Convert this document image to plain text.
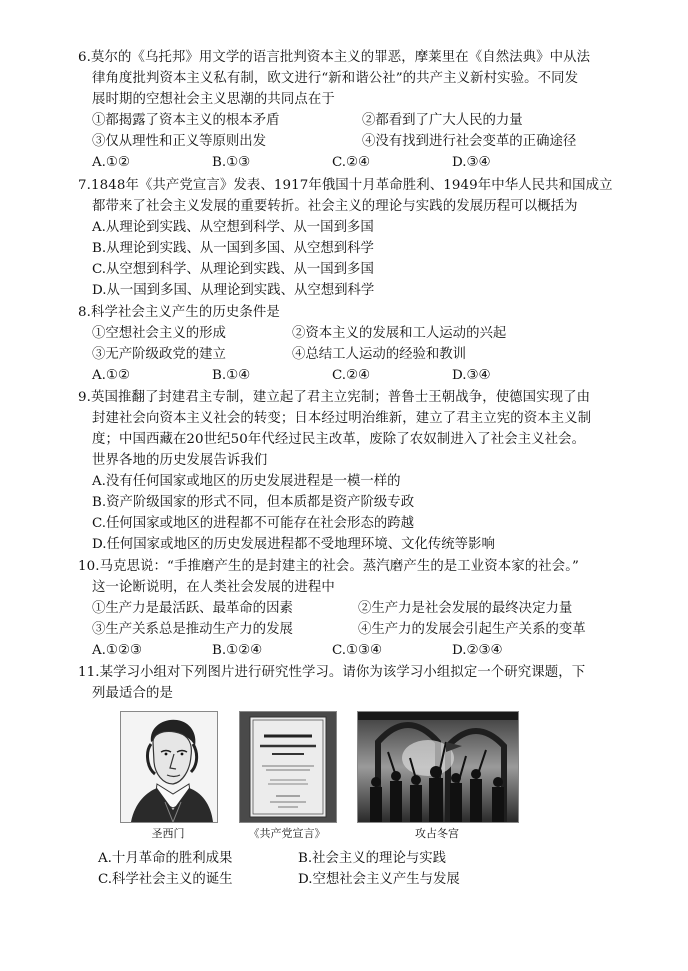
6.莫尔的《乌托邦》用文学的语言批判资本主义的罪恶，摩莱里在《自然法典》中从法
律角度批判资本主义私有制，欧文进行“新和谐公社”的共产主义新村实验。不同发
展时期的空想社会主义思潮的共同点在于
①都揭露了资本主义的根本矛盾	②都看到了广大人民的力量
③仅从理性和正义等原则出发	④没有找到进行社会变革的正确途径
A.①②	B.①③	C.②④	D.③④
7.1848年《共产党宣言》发表、1917年俄国十月革命胜利、1949年中华人民共和国成立
都带来了社会主义发展的重要转折。社会主义的理论与实践的发展历程可以概括为
A.从理论到实践、从空想到科学、从一国到多国
B.从理论到实践、从一国到多国、从空想到科学
C.从空想到科学、从理论到实践、从一国到多国
D.从一国到多国、从理论到实践、从空想到科学
8.科学社会主义产生的历史条件是
①空想社会主义的形成	②资本主义的发展和工人运动的兴起
③无产阶级政党的建立	④总结工人运动的经验和教训
A.①②	B.①④	C.②④	D.③④
9.英国推翻了封建君主专制，建立起了君主立宪制；普鲁士王朝战争，使德国实现了由
封建社会向资本主义社会的转变；日本经过明治维新，建立了君主立宪的资本主义制
度；中国西藏在20世纪50年代经过民主改革，废除了农奴制进入了社会主义社会。
世界各地的历史发展告诉我们
A.没有任何国家或地区的历史发展进程是一模一样的
B.资产阶级国家的形式不同，但本质都是资产阶级专政
C.任何国家或地区的进程都不可能存在社会形态的跨越
D.任何国家或地区的历史发展进程都不受地理环境、文化传统等影响
10.马克思说：“手推磨产生的是封建主的社会。蒸汽磨产生的是工业资本家的社会。”
这一论断说明，在人类社会发展的进程中
①生产力是最活跃、最革命的因素	②生产力是社会发展的最终决定力量
③生产关系总是推动生产力的发展	④生产力的发展会引起生产关系的变革
A.①②③	B.①②④	C.①③④	D.②③④
11.某学习小组对下列图片进行研究性学习。请你为该学习小组拟定一个研究课题，下
列最适合的是
圣西门	《共产党宣言》	攻占冬宫
A.十月革命的胜利成果	B.社会主义的理论与实践
C.科学社会主义的诞生	D.空想社会主义产生与发展
